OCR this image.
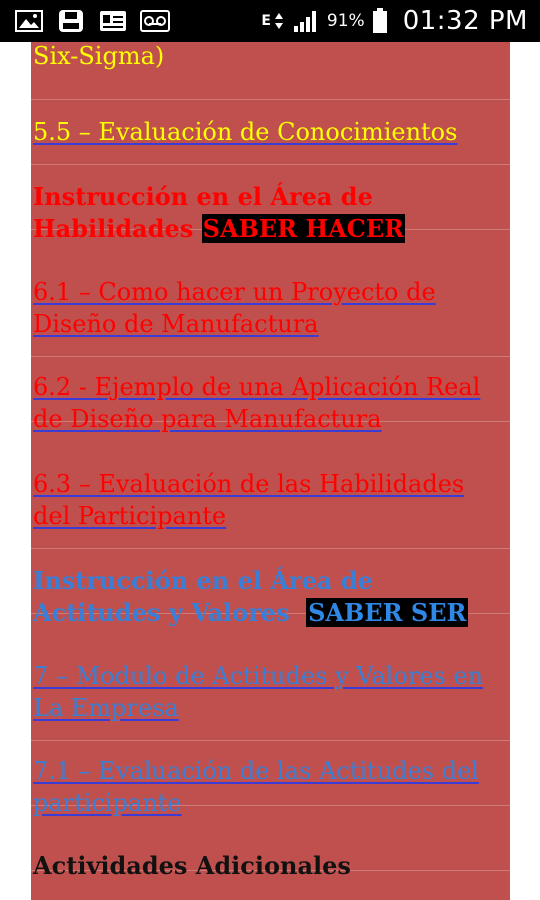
E	91% 01:32 PM
Six-Sigma)
5.5 – Evaluación de Conocimientos
Instrucción en el Área de
Habilidades SABER HACER
6.1 – Como hacer un Proyecto de
Diseño de Manufactura
6.2 - Ejemplo de una Aplicación Real
de Diseño para Manufactura
6.3 – Evaluación de las Habilidades
del Participante
Instrucción en el Área de
Actitudes y Valores SABER SER
7 – Modulo de Actitudes y Valores en
La Empresa
7.1 – Evaluación de las Actitudes del
participante
Actividades Adicionales
